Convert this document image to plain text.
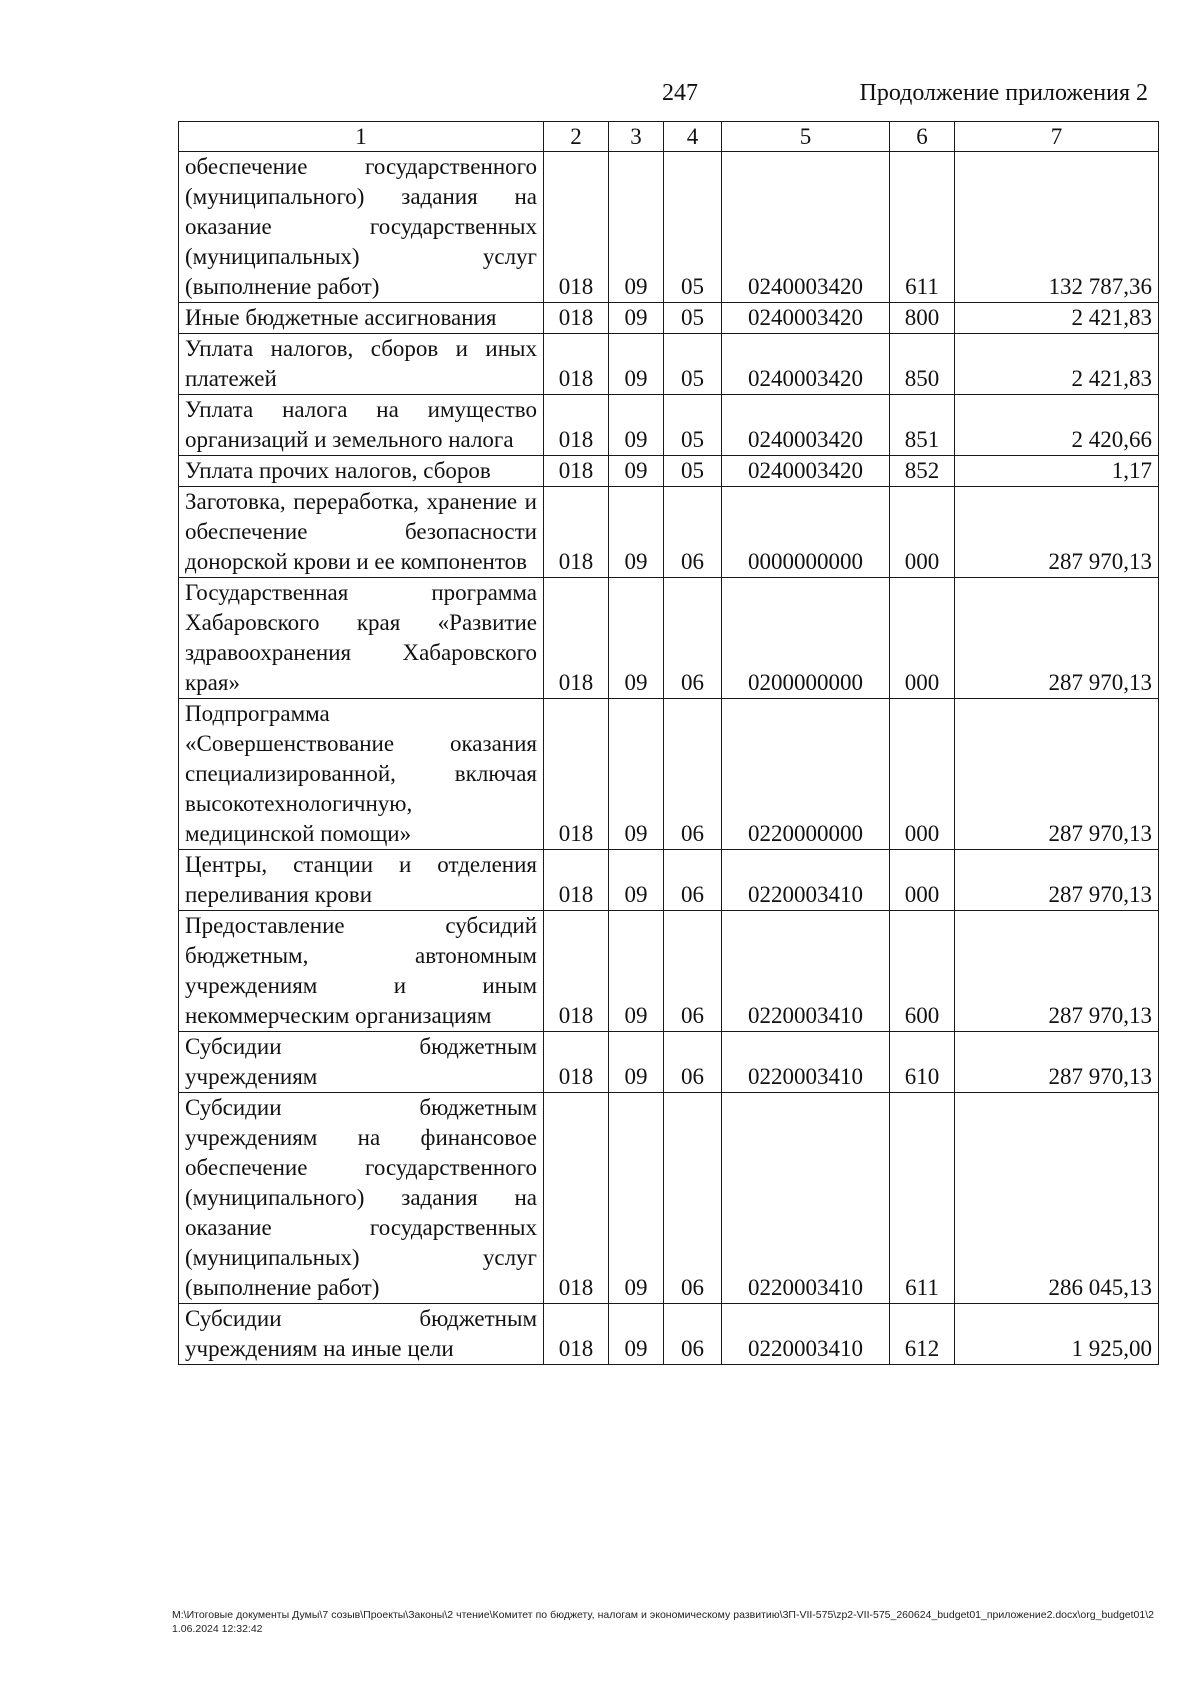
247	Продолжение приложения 2
1	2	3	4	5	6	7
обеспечение государственного (муниципального) задания на оказание государственных (муниципальных) услуг (выполнение работ)	018	09	05	0240003420	611	132 787,36
Иные бюджетные ассигнования	018	09	05	0240003420	800	2 421,83
Уплата налогов, сборов и иных платежей	018	09	05	0240003420	850	2 421,83
Уплата налога на имущество организаций и земельного налога	018	09	05	0240003420	851	2 420,66
Уплата прочих налогов, сборов	018	09	05	0240003420	852	1,17
Заготовка, переработка, хранение и обеспечение безопасности донорской крови и ее компонентов	018	09	06	0000000000	000	287 970,13
Государственная программа Хабаровского края «Развитие здравоохранения Хабаровского края»	018	09	06	0200000000	000	287 970,13
Подпрограмма «Совершенствование оказания специализированной, включая высокотехнологичную, медицинской помощи»	018	09	06	0220000000	000	287 970,13
Центры, станции и отделения переливания крови	018	09	06	0220003410	000	287 970,13
Предоставление субсидий бюджетным, автономным учреждениям и иным некоммерческим организациям	018	09	06	0220003410	600	287 970,13
Субсидии бюджетным учреждениям	018	09	06	0220003410	610	287 970,13
Субсидии бюджетным учреждениям на финансовое обеспечение государственного (муниципального) задания на оказание государственных (муниципальных) услуг (выполнение работ)	018	09	06	0220003410	611	286 045,13
Субсидии бюджетным учреждениям на иные цели	018	09	06	0220003410	612	1 925,00
M:\Итоговые документы Думы\7 созыв\Проекты\Законы\2 чтение\Комитет по бюджету, налогам и экономическому развитию\3П-VII-575\zp2-VII-575_260624_budget01_приложение2.docx\org_budget01\21.06.2024 12:32:42
